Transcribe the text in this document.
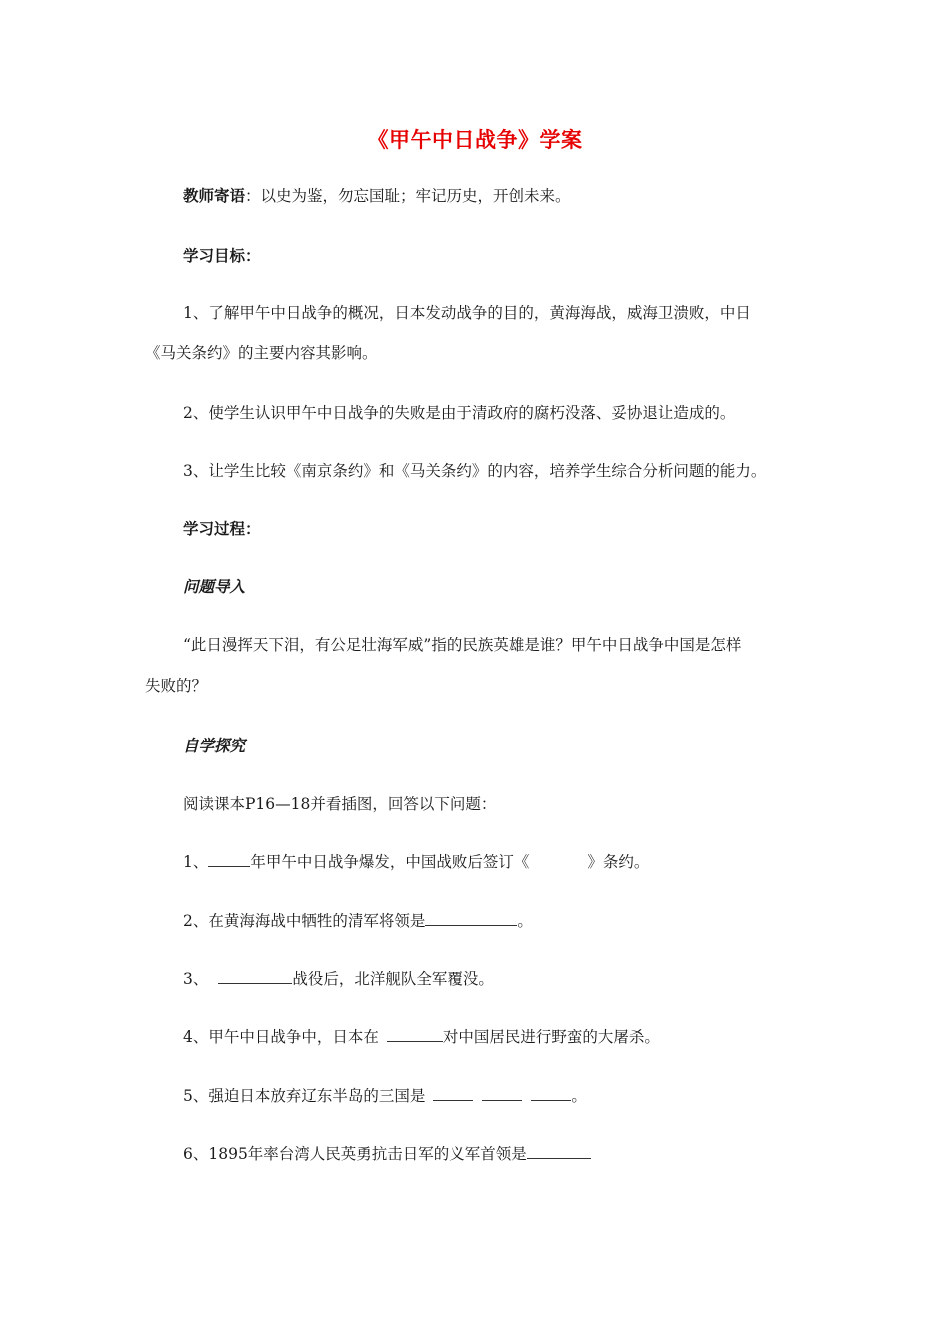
《甲午中日战争》学案
教师寄语：以史为鉴，勿忘国耻；牢记历史，开创未来。
学习目标：
1、了解甲午中日战争的概况，日本发动战争的目的，黄海海战，威海卫溃败，中日
《马关条约》的主要内容其影响。
2、使学生认识甲午中日战争的失败是由于清政府的腐朽没落、妥协退让造成的。
3、让学生比较《南京条约》和《马关条约》的内容，培养学生综合分析问题的能力。
学习过程：
问题导入
“此日漫挥天下泪，有公足壮海军威”指的民族英雄是谁？甲午中日战争中国是怎样
失败的？
自学探究
阅读课本P16—18并看插图，回答以下问题：
1、	年甲午中日战争爆发，中国战败后签订《	》条约。
2、在黄海海战中牺牲的清军将领是	。
3、	战役后，北洋舰队全军覆没。
4、甲午中日战争中，日本在	对中国居民进行野蛮的大屠杀。
5、强迫日本放弃辽东半岛的三国是	。
6、1895年率台湾人民英勇抗击日军的义军首领是
